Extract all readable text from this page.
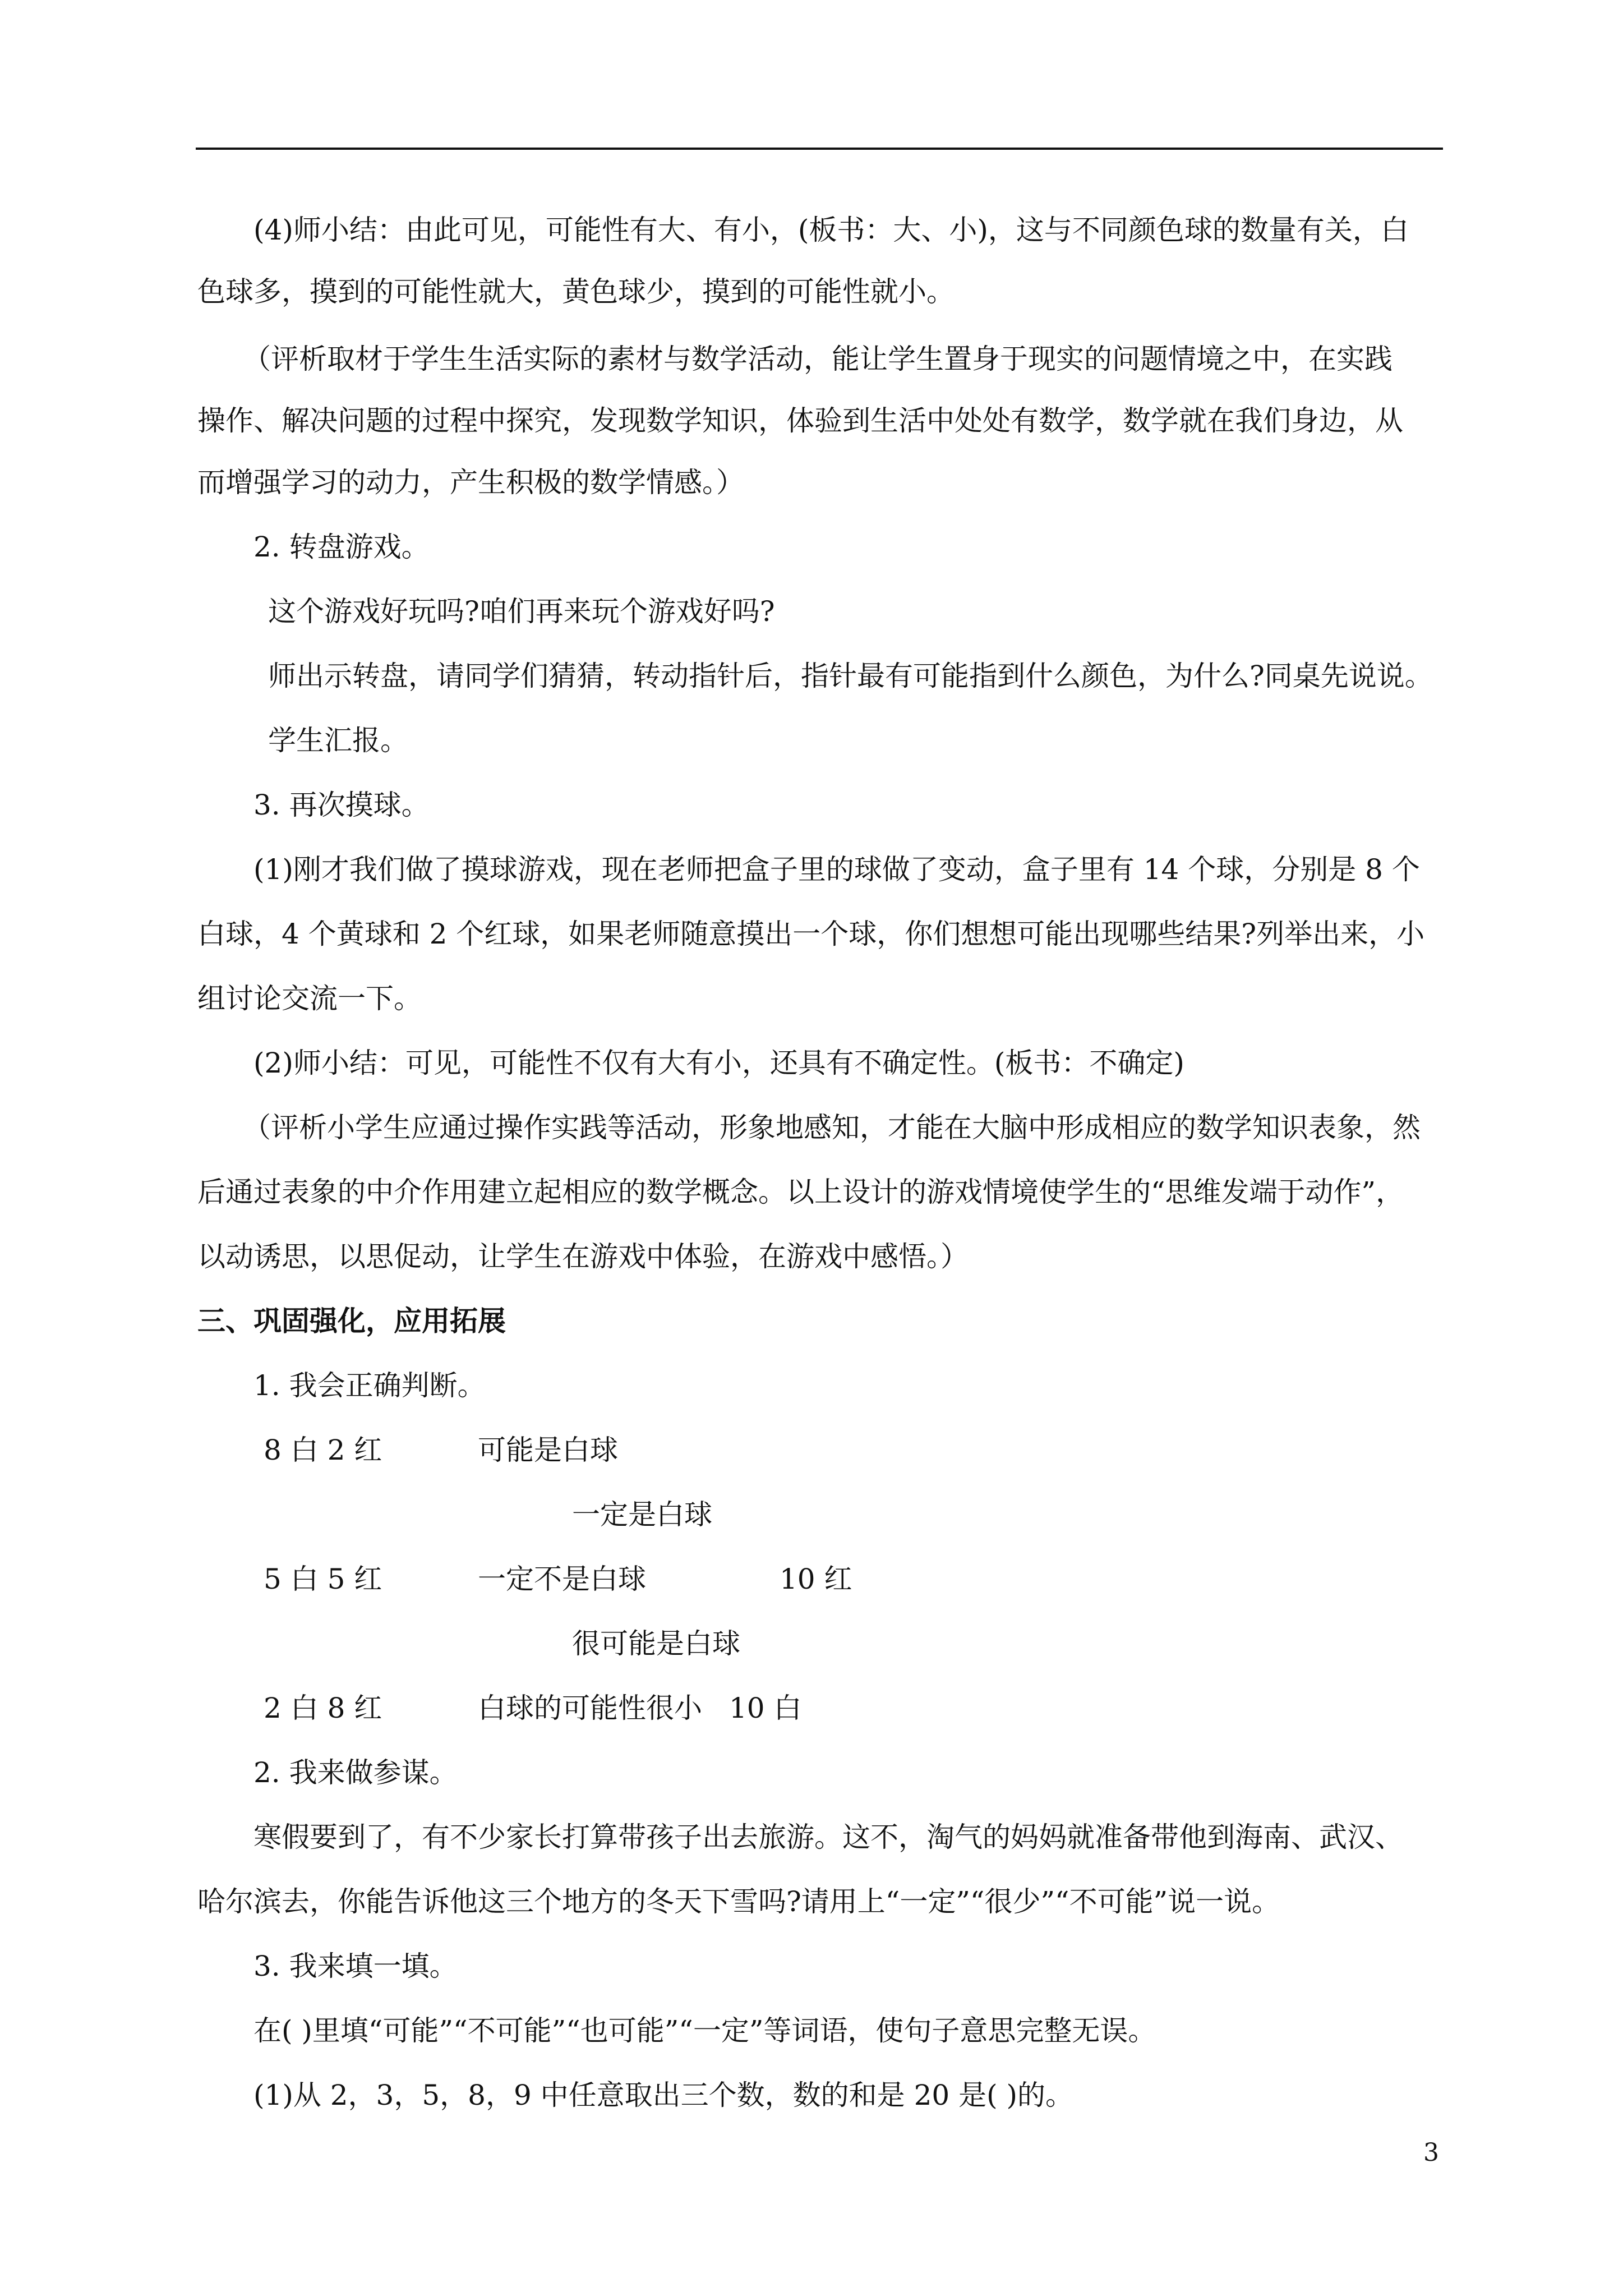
(4)师小结：由此可见，可能性有大、有小，(板书：大、小)，这与不同颜色球的数量有关，白
色球多，摸到的可能性就大，黄色球少，摸到的可能性就小。
（评析取材于学生生活实际的素材与数学活动，能让学生置身于现实的问题情境之中，在实践
操作、解决问题的过程中探究，发现数学知识，体验到生活中处处有数学，数学就在我们身边，从
而增强学习的动力，产生积极的数学情感。）
2. 转盘游戏。
这个游戏好玩吗?咱们再来玩个游戏好吗?
师出示转盘，请同学们猜猜，转动指针后，指针最有可能指到什么颜色，为什么?同桌先说说。
学生汇报。
3. 再次摸球。
(1)刚才我们做了摸球游戏，现在老师把盒子里的球做了变动，盒子里有 14 个球，分别是 8 个
白球，4 个黄球和 2 个红球，如果老师随意摸出一个球，你们想想可能出现哪些结果?列举出来，小
组讨论交流一下。
(2)师小结：可见，可能性不仅有大有小，还具有不确定性。(板书：不确定)
（评析小学生应通过操作实践等活动，形象地感知，才能在大脑中形成相应的数学知识表象，然
后通过表象的中介作用建立起相应的数学概念。以上设计的游戏情境使学生的“思维发端于动作”，
以动诱思，以思促动，让学生在游戏中体验，在游戏中感悟。）
三、巩固强化，应用拓展
1. 我会正确判断。
8 白 2 红	可能是白球
一定是白球
5 白 5 红	一定不是白球	10 红
很可能是白球
2 白 8 红	白球的可能性很小 10 白
2. 我来做参谋。
寒假要到了，有不少家长打算带孩子出去旅游。这不，淘气的妈妈就准备带他到海南、武汉、
哈尔滨去，你能告诉他这三个地方的冬天下雪吗?请用上“一定”“很少”“不可能”说一说。
3. 我来填一填。
在( )里填“可能”“不可能”“也可能”“一定”等词语，使句子意思完整无误。
(1)从 2，3，5，8，9 中任意取出三个数，数的和是 20 是( )的。
3
